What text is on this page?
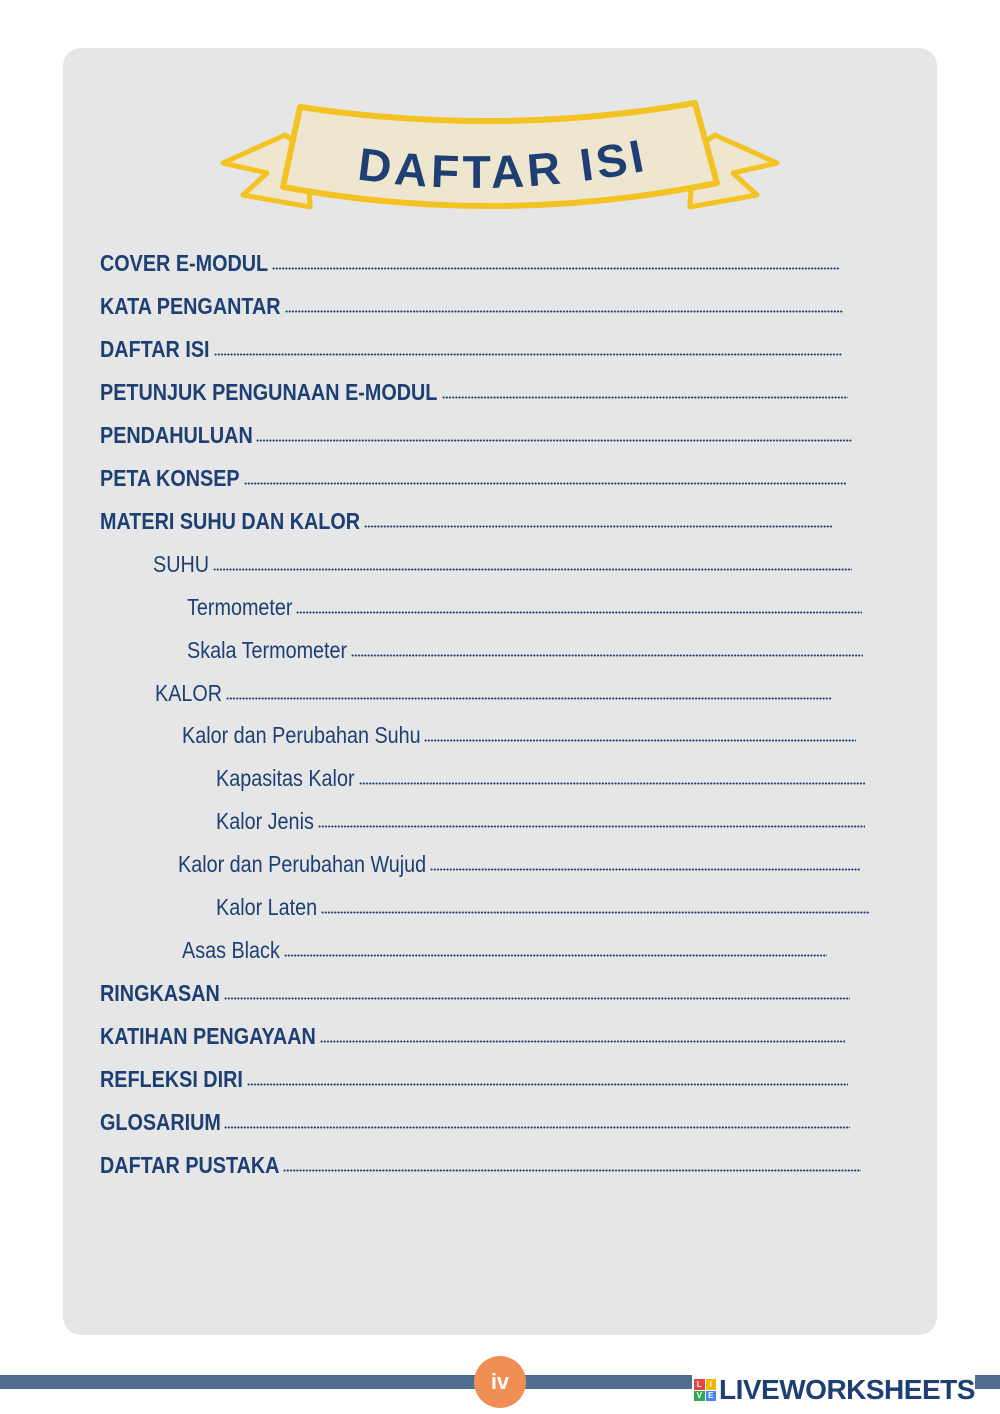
DAFTAR ISI
COVER E-MODUL
KATA PENGANTAR
DAFTAR ISI
PETUNJUK PENGUNAAN E-MODUL
PENDAHULUAN
PETA KONSEP
MATERI SUHU DAN KALOR
SUHU
Termometer
Skala Termometer
KALOR
Kalor dan Perubahan Suhu
Kapasitas Kalor
Kalor Jenis
Kalor dan Perubahan Wujud
Kalor Laten
Asas Black
RINGKASAN
KATIHAN PENGAYAAN
REFLEKSI DIRI
GLOSARIUM
DAFTAR PUSTAKA
iv	L I
V E LIVEWORKSHEETS
